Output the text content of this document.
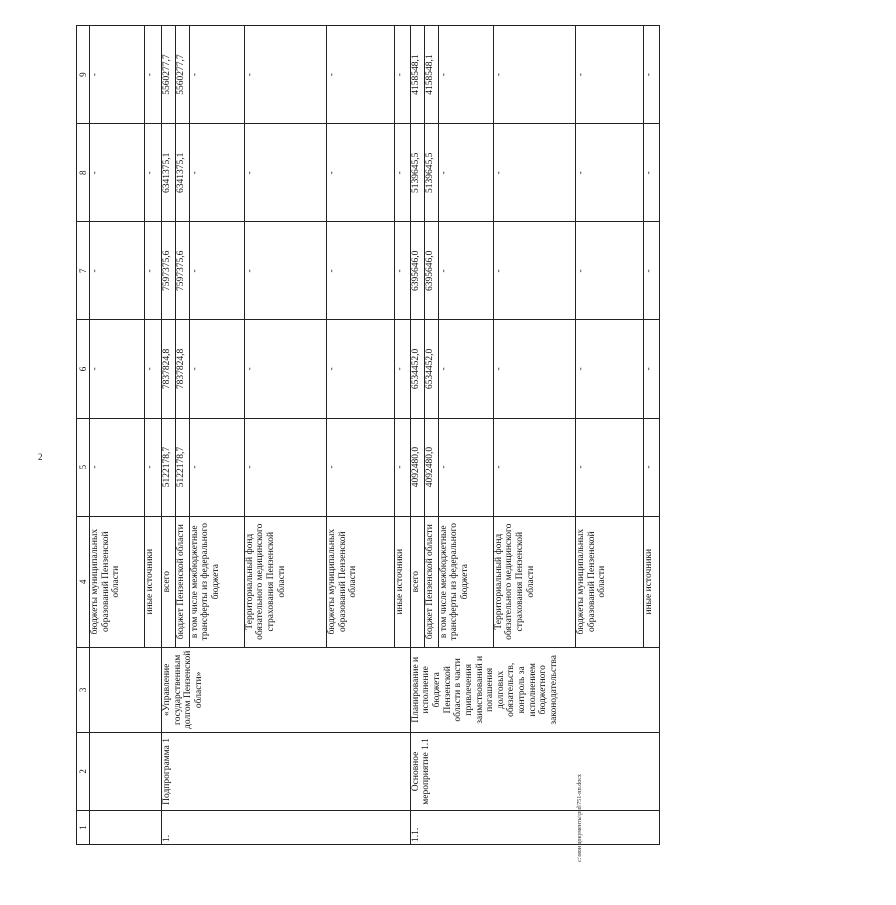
2
1	2	3	4	5	6	7	8	9
			бюджеты муниципальных образований Пензенской области	-	-	-	-	-
			иные источники	-	-	-	-	-
1.	Подпрограмма 1	«Управление государственным долгом Пензенской области»	всего	5122178,7	7837824,8	7597375,6	6341375,1	5560277,7
			бюджет Пензенской области	5122178,7	7837824,8	7597375,6	6341375,1	5560277,7
			в том числе межбюджетные трансферты из федерального бюджета	-	-	-	-	-
			Территориальный фонд обязательного медицинского страхования Пензенской области	-	-	-	-	-
			бюджеты муниципальных образований Пензенской области	-	-	-	-	-
			иные источники	-	-	-	-	-
1.1.	Основное мероприятие 1.1	Планирование и исполнение бюджета Пензенской области в части привлечения заимствований и погашения долговых обязательств, контроль за исполнением бюджетного законодательства	всего	4092480,0	6534452,0	6395646,0	5139645,5	4158548,1
			бюджет Пензенской области	4092480,0	6534452,0	6395646,0	5139645,5	4158548,1
			в том числе межбюджетные трансферты из федерального бюджета	-	-	-	-	-
			Территориальный фонд обязательного медицинского страхования Пензенской области	-	-	-	-	-
			бюджеты муниципальных образований Пензенской области	-	-	-	-	-
			иные источники	-	-	-	-	-
c:\мои документы\psd\751-пп.docx
